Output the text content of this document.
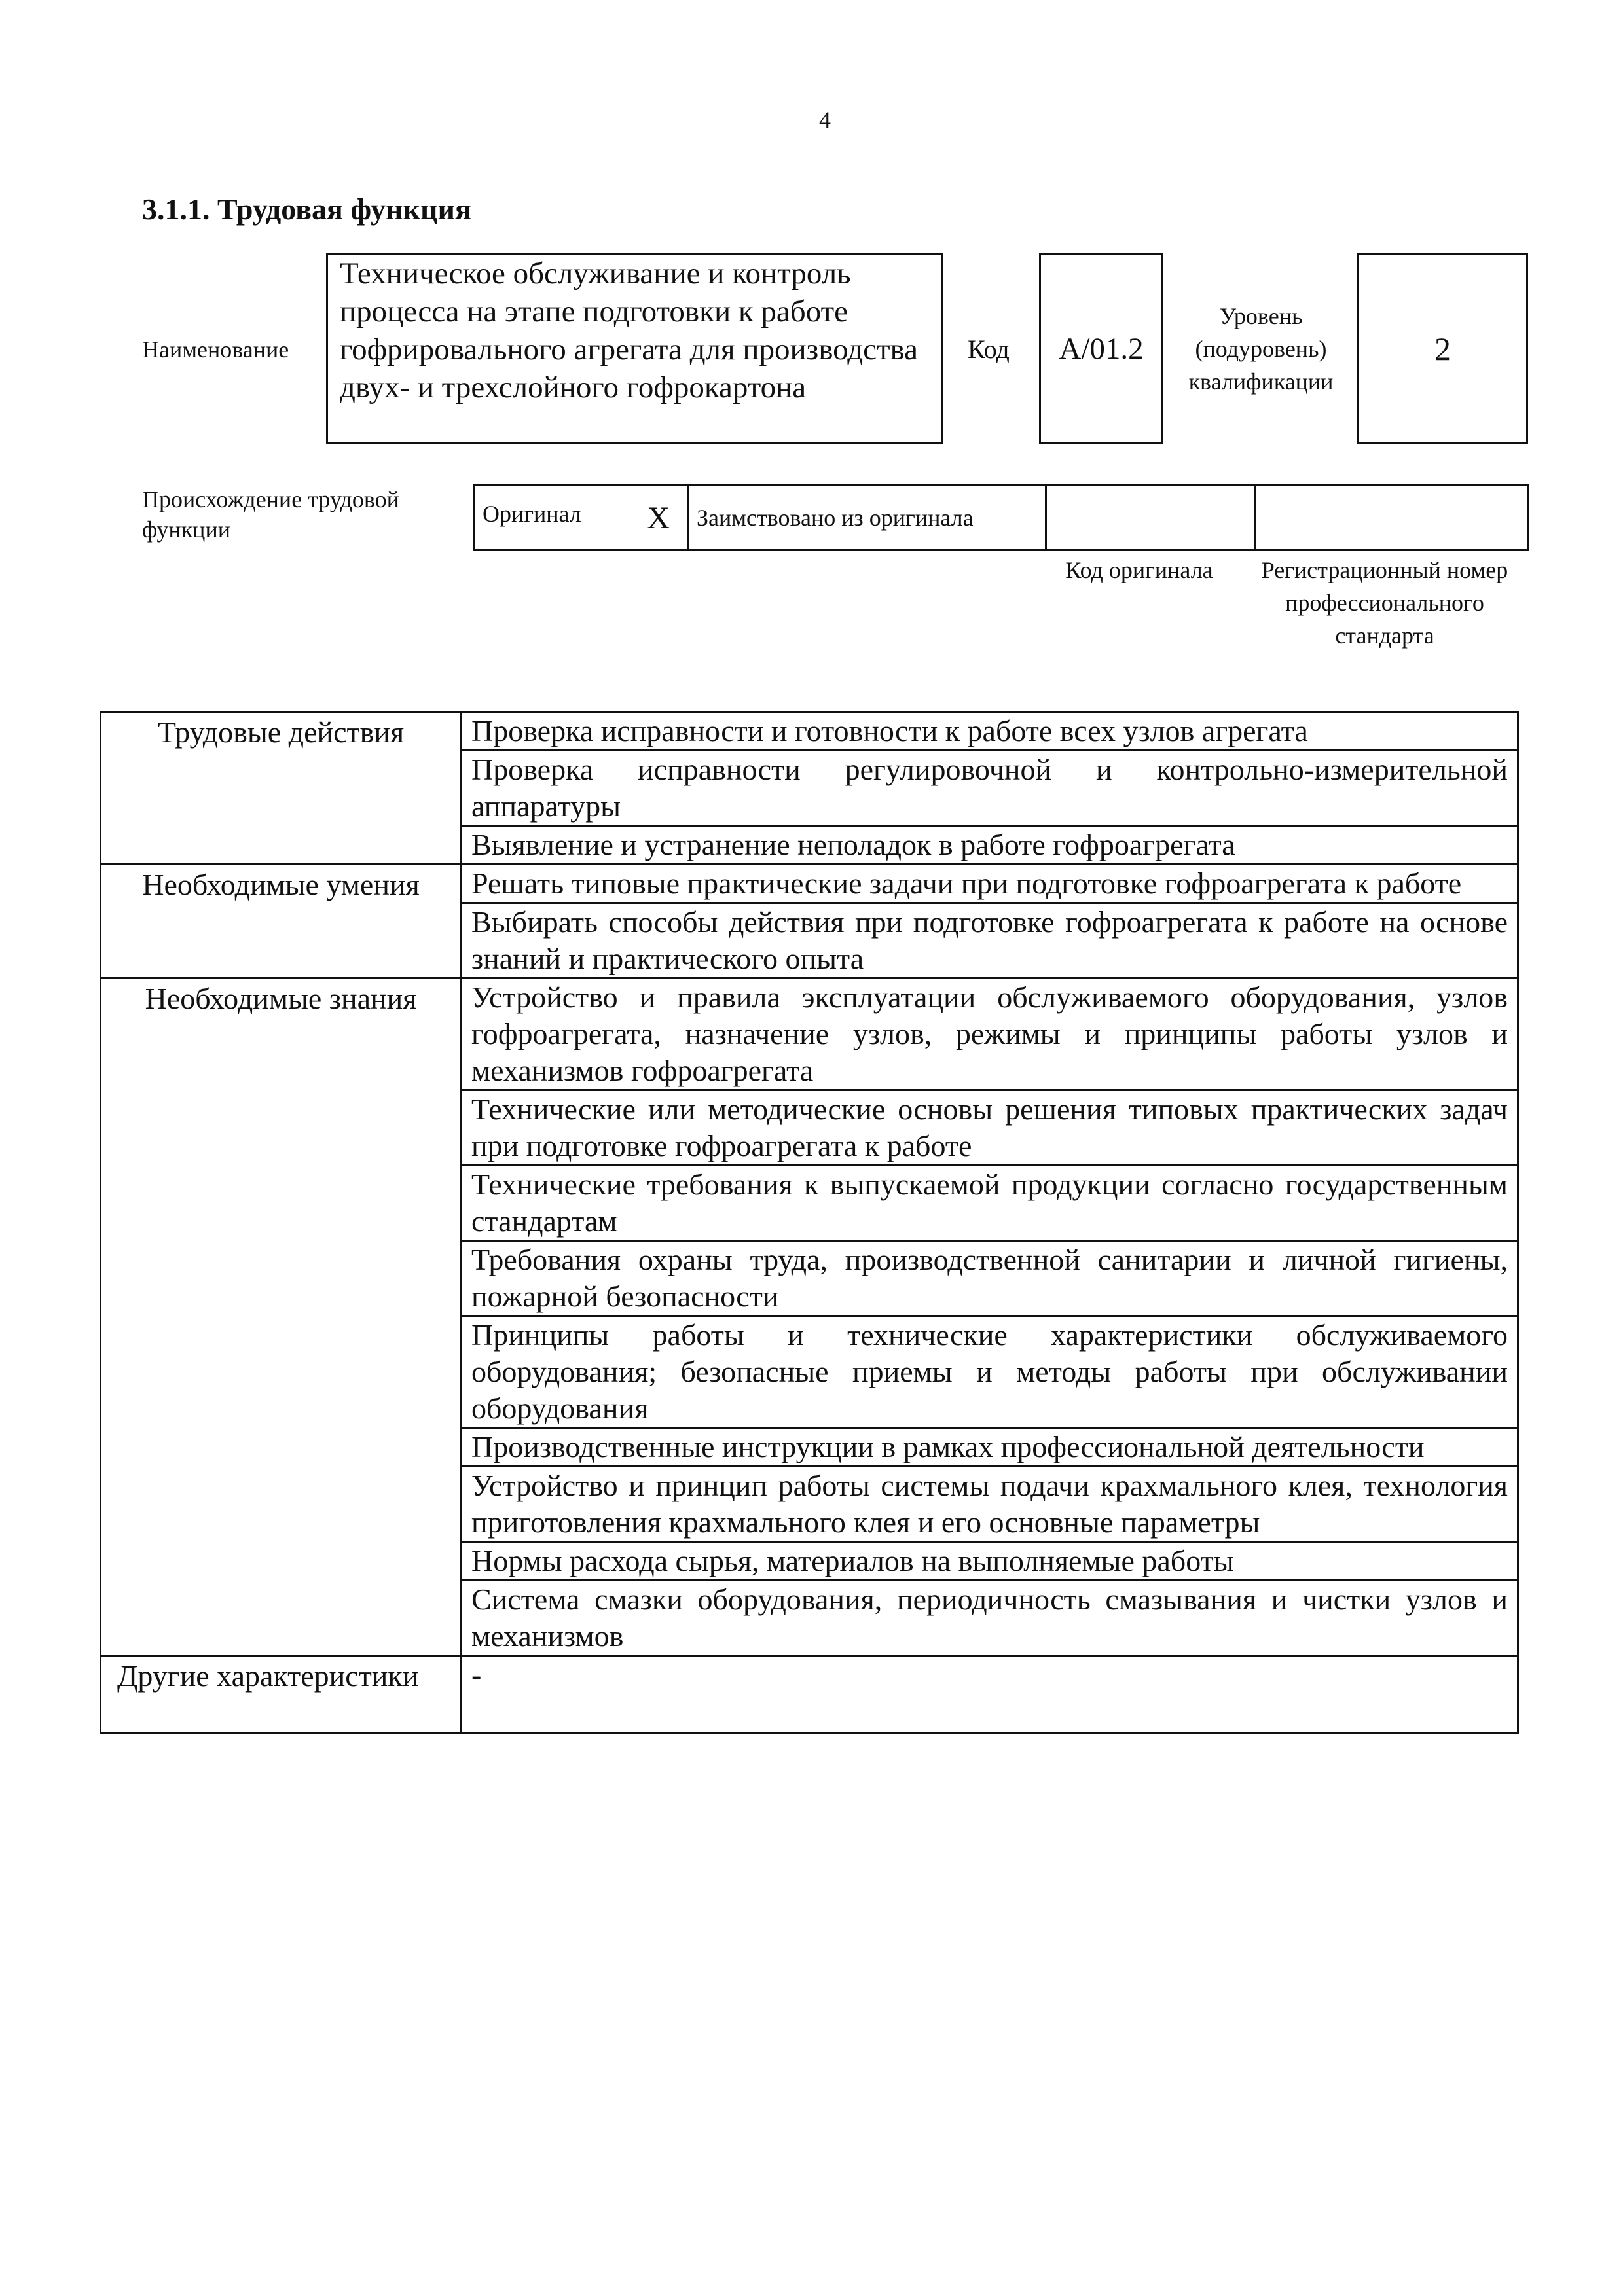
4
3.1.1. Трудовая функция
Наименование
Техническое обслуживание и контроль процесса на этапе подготовки к работе гофрировального агрегата для производства двух- и трехслойного гофрокартона
Код	А/01.2
Уровень (подуровень) квалификации
2
Происхождение трудовой функции
Оригинал X	Заимствовано из оригинала		
Код оригинала	Регистрационный номер профессионального стандарта
Трудовые действия	Проверка исправности и готовности к работе всех узлов агрегата
	Проверка исправности регулировочной и контрольно-измерительной аппаратуры
	Выявление и устранение неполадок в работе гофроагрегата
Необходимые умения	Решать типовые практические задачи при подготовке гофроагрегата к работе
	Выбирать способы действия при подготовке гофроагрегата к работе на основе знаний и практического опыта
Необходимые знания	Устройство и правила эксплуатации обслуживаемого оборудования, узлов гофроагрегата, назначение узлов, режимы и принципы работы узлов и механизмов гофроагрегата
	Технические или методические основы решения типовых практических задач при подготовке гофроагрегата к работе
	Технические требования к выпускаемой продукции согласно государственным стандартам
	Требования охраны труда, производственной санитарии и личной гигиены, пожарной безопасности
	Принципы работы и технические характеристики обслуживаемого оборудования; безопасные приемы и методы работы при обслуживании оборудования
	Производственные инструкции в рамках профессиональной деятельности
	Устройство и принцип работы системы подачи крахмального клея, технология приготовления крахмального клея и его основные параметры
	Нормы расхода сырья, материалов на выполняемые работы
	Система смазки оборудования, периодичность смазывания и чистки узлов и механизмов
Другие характеристики	-
